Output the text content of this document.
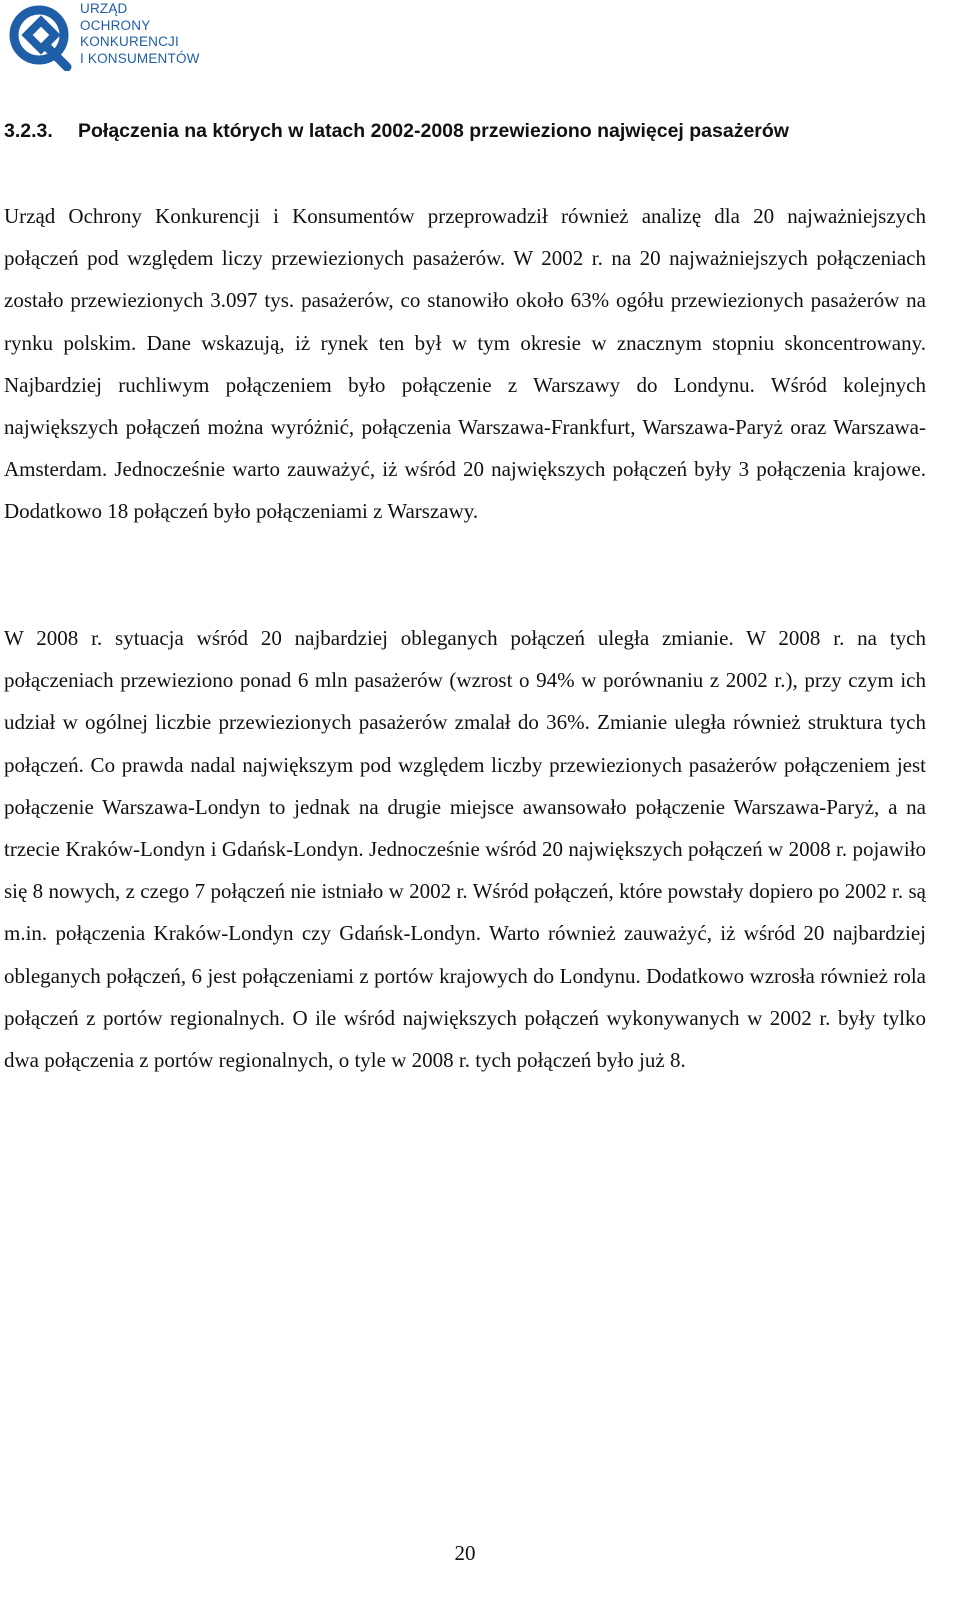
URZĄD
OCHRONY
KONKURENCJI
I KONSUMENTÓW
3.2.3. Połączenia na których w latach 2002-2008 przewieziono najwięcej pasażerów

Urząd Ochrony Konkurencji i Konsumentów przeprowadził również analizę dla 20 najważniejszych połączeń pod względem liczy przewiezionych pasażerów. W 2002 r. na 20 najważniejszych połączeniach zostało przewiezionych 3.097 tys. pasażerów, co stanowiło około 63% ogółu przewiezionych pasażerów na rynku polskim. Dane wskazują, iż rynek ten był w tym okresie w znacznym stopniu skoncentrowany. Najbardziej ruchliwym połączeniem było połączenie z Warszawy do Londynu. Wśród kolejnych największych połączeń można wyróżnić, połączenia Warszawa-Frankfurt, Warszawa-Paryż oraz Warszawa-Amsterdam. Jednocześnie warto zauważyć, iż wśród 20 największych połączeń były 3 połączenia krajowe. Dodatkowo 18 połączeń było połączeniami z Warszawy.

W 2008 r. sytuacja wśród 20 najbardziej obleganych połączeń uległa zmianie. W 2008 r. na tych połączeniach przewieziono ponad 6 mln pasażerów (wzrost o 94% w porównaniu z 2002 r.), przy czym ich udział w ogólnej liczbie przewiezionych pasażerów zmalał do 36%. Zmianie uległa również struktura tych połączeń. Co prawda nadal największym pod względem liczby przewiezionych pasażerów połączeniem jest połączenie Warszawa-Londyn to jednak na drugie miejsce awansowało połączenie Warszawa-Paryż, a na trzecie Kraków-Londyn i Gdańsk-Londyn. Jednocześnie wśród 20 największych połączeń w 2008 r. pojawiło się 8 nowych, z czego 7 połączeń nie istniało w 2002 r. Wśród połączeń, które powstały dopiero po 2002 r. są m.in. połączenia Kraków-Londyn czy Gdańsk-Londyn. Warto również zauważyć, iż wśród 20 najbardziej obleganych połączeń, 6 jest połączeniami z portów krajowych do Londynu. Dodatkowo wzrosła również rola połączeń z portów regionalnych. O ile wśród największych połączeń wykonywanych w 2002 r. były tylko dwa połączenia z portów regionalnych, o tyle w 2008 r. tych połączeń było już 8.

20
